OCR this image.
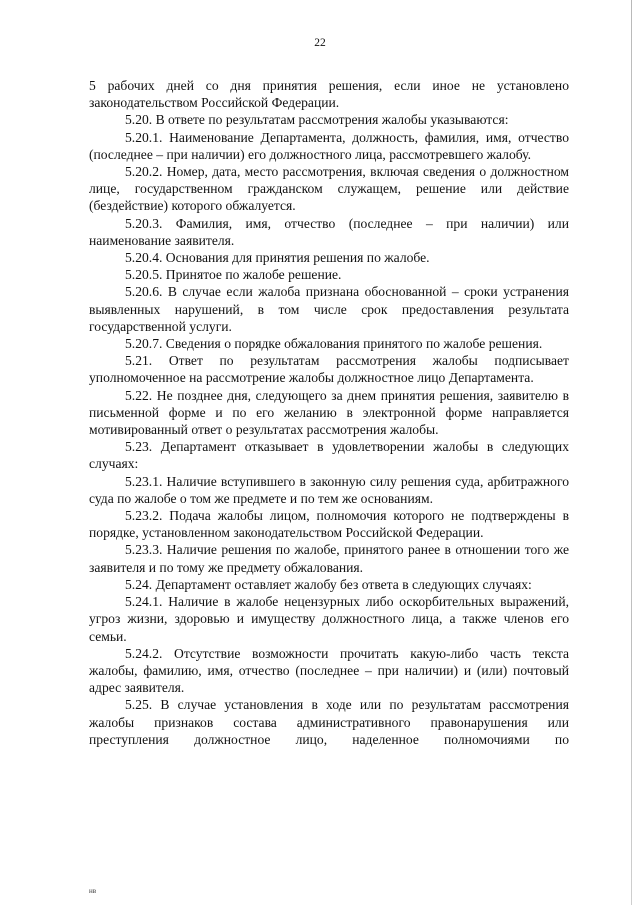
22

5 рабочих дней со дня принятия решения, если иное не установлено законодательством Российской Федерации.

5.20. В ответе по результатам рассмотрения жалобы указываются:

5.20.1. Наименование Департамента, должность, фамилия, имя, отчество (последнее – при наличии) его должностного лица, рассмотревшего жалобу.

5.20.2. Номер, дата, место рассмотрения, включая сведения о должностном лице, государственном гражданском служащем, решение или действие (бездействие) которого обжалуется.

5.20.3. Фамилия, имя, отчество (последнее – при наличии) или наименование заявителя.

5.20.4. Основания для принятия решения по жалобе.

5.20.5. Принятое по жалобе решение.

5.20.6. В случае если жалоба признана обоснованной – сроки устранения выявленных нарушений, в том числе срок предоставления результата государственной услуги.

5.20.7. Сведения о порядке обжалования принятого по жалобе решения.

5.21. Ответ по результатам рассмотрения жалобы подписывает уполномоченное на рассмотрение жалобы должностное лицо Департамента.

5.22. Не позднее дня, следующего за днем принятия решения, заявителю в письменной форме и по его желанию в электронной форме направляется мотивированный ответ о результатах рассмотрения жалобы.

5.23. Департамент отказывает в удовлетворении жалобы в следующих случаях:

5.23.1. Наличие вступившего в законную силу решения суда, арбитражного суда по жалобе о том же предмете и по тем же основаниям.

5.23.2. Подача жалобы лицом, полномочия которого не подтверждены в порядке, установленном законодательством Российской Федерации.

5.23.3. Наличие решения по жалобе, принятого ранее в отношении того же заявителя и по тому же предмету обжалования.

5.24. Департамент оставляет жалобу без ответа в следующих случаях:

5.24.1. Наличие в жалобе нецензурных либо оскорбительных выражений, угроз жизни, здоровью и имуществу должностного лица, а также членов его семьи.

5.24.2. Отсутствие возможности прочитать какую-либо часть текста жалобы, фамилию, имя, отчество (последнее – при наличии) и (или) почтовый адрес заявителя.

5.25. В случае установления в ходе или по результатам рассмотрения жалобы признаков состава административного правонарушения или преступления должностное лицо, наделенное полномочиями по

нв
